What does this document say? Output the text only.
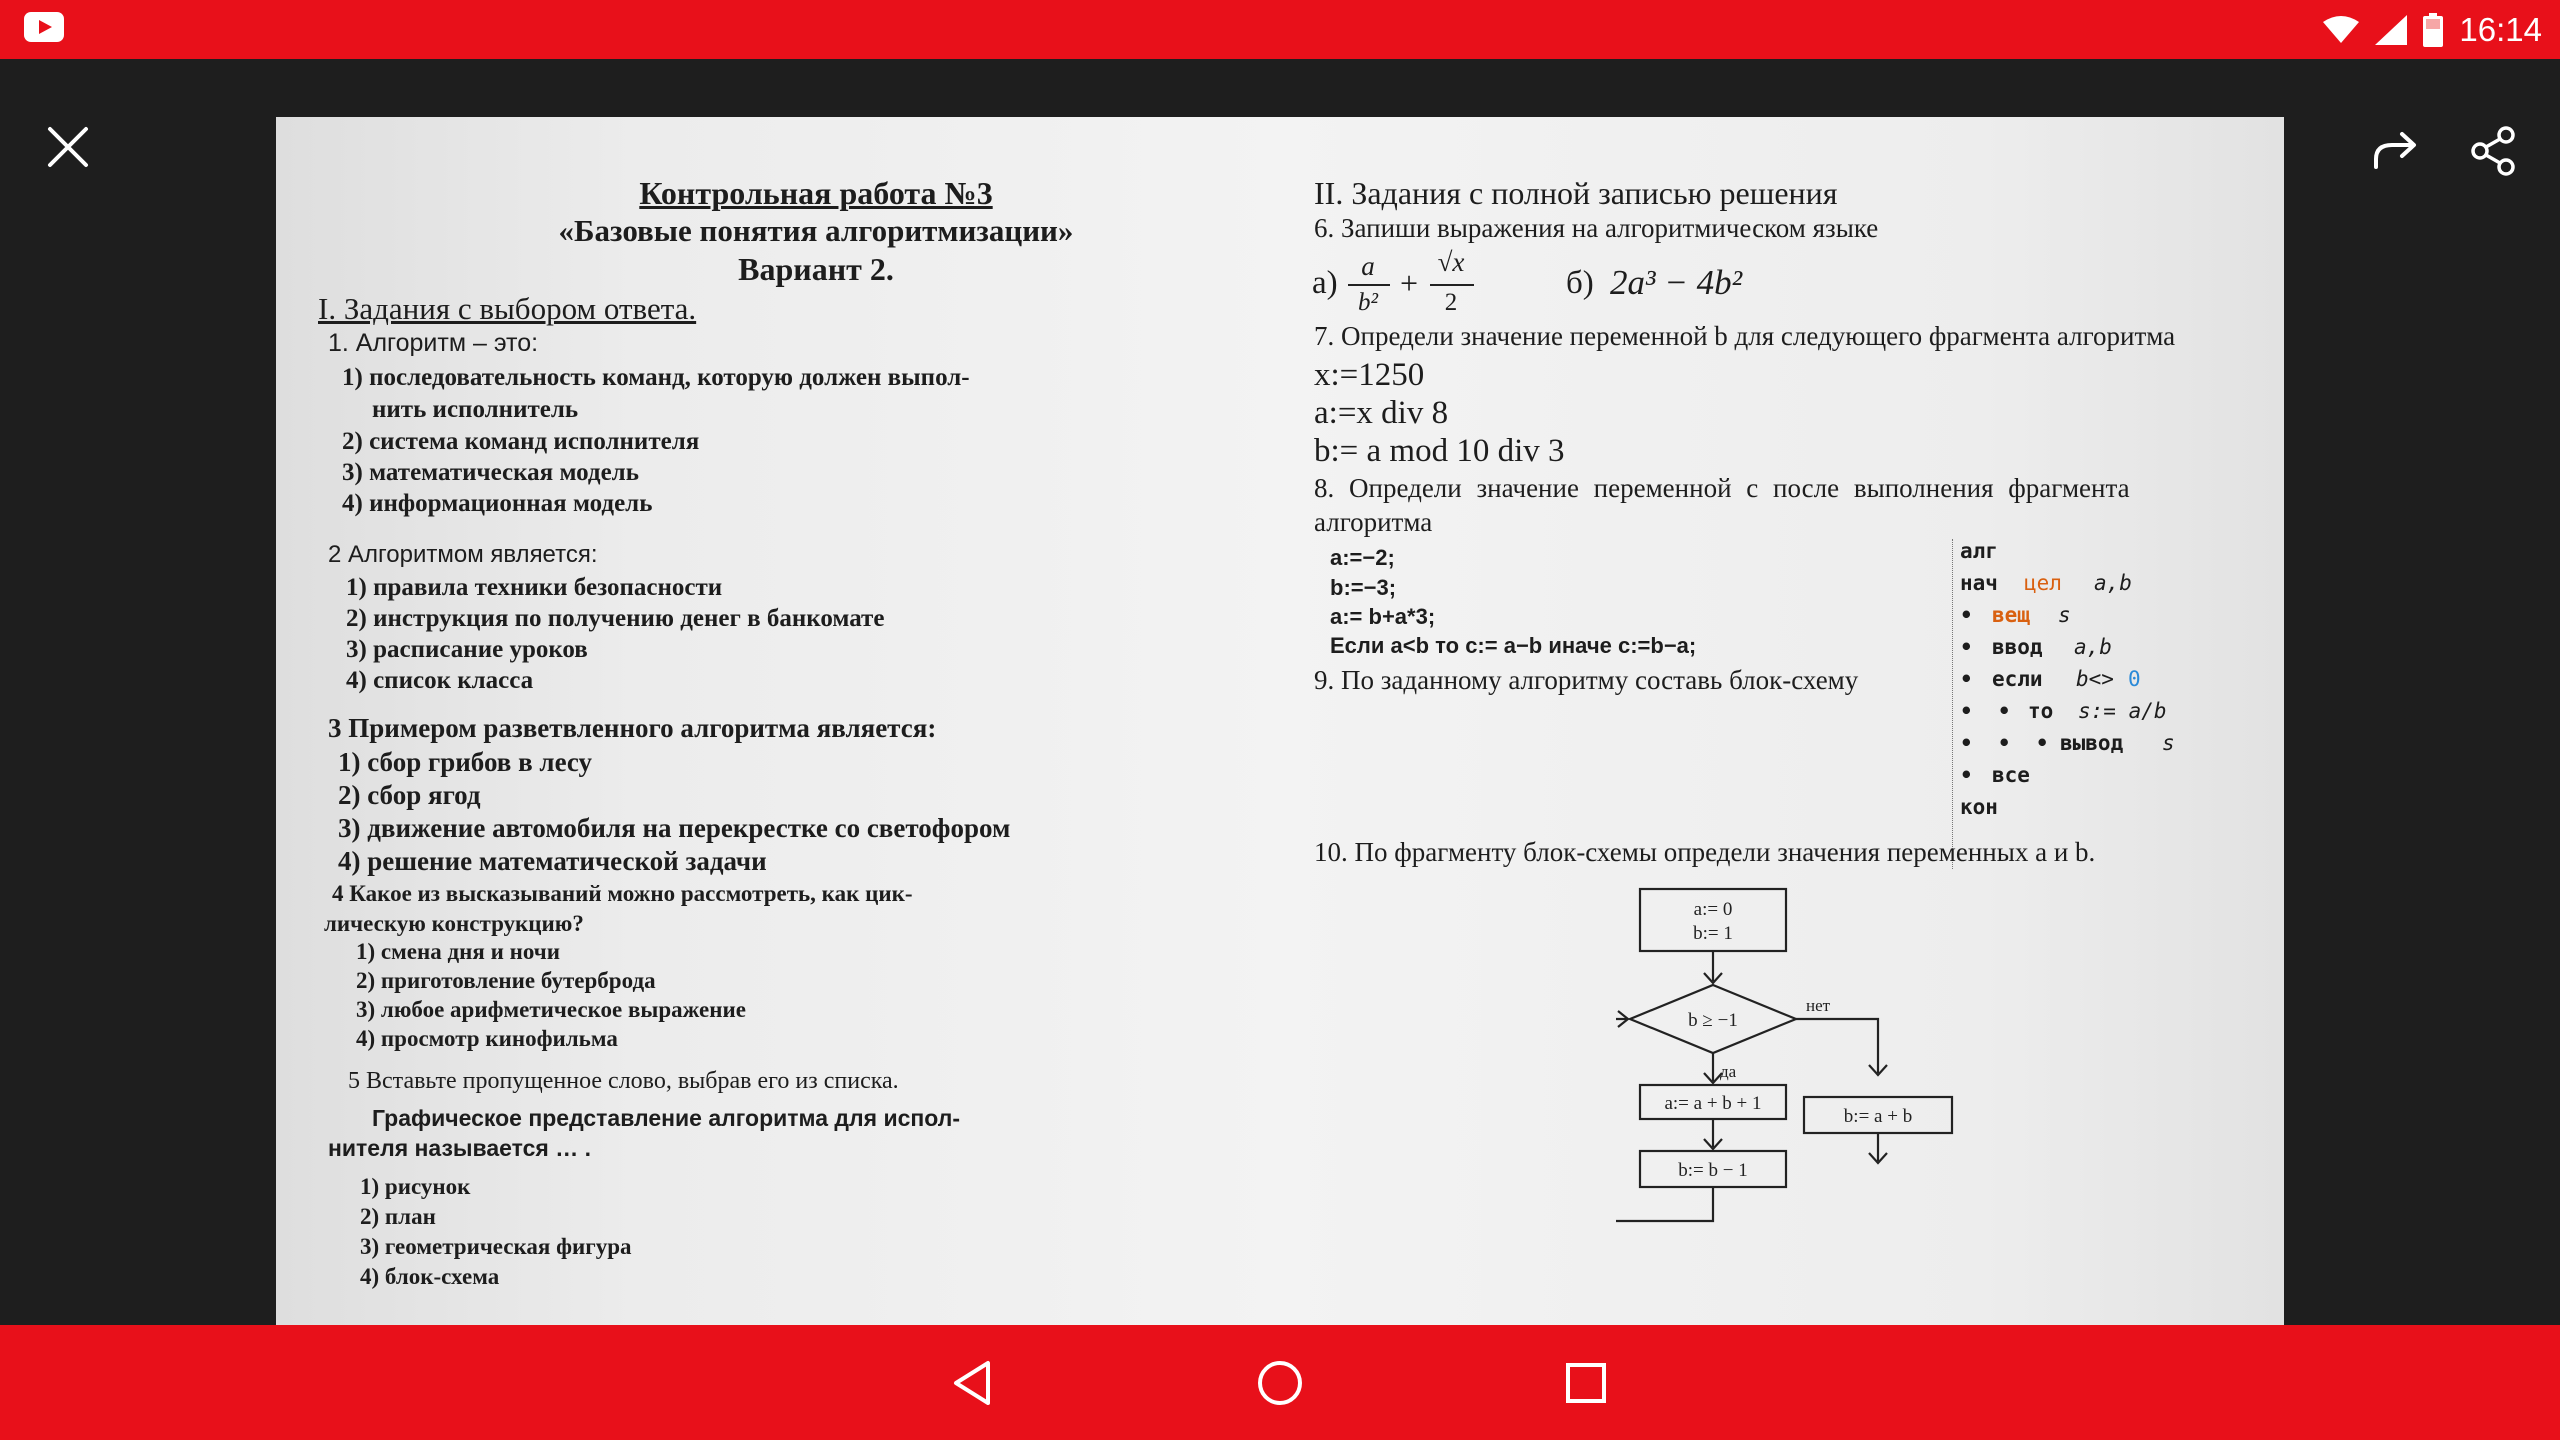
16:14
Контрольная работа №3
«Базовые понятия алгоритмизации»
Вариант 2.
I. Задания с выбором ответа.
1. Алгоритм – это:
1) последовательность команд, которую должен выпол-
нить исполнитель
2) система команд исполнителя
3) математическая модель
4) информационная модель
2 Алгоритмом является:
1) правила техники безопасности
2) инструкция по получению денег в банкомате
3) расписание уроков
4) список класса
3 Примером разветвленного алгоритма является:
1) сбор грибов в лесу
2) сбор ягод
3) движение автомобиля на перекрестке со светофором
4) решение математической задачи
4 Какое из высказываний можно рассмотреть, как цик-
лическую конструкцию?
1) смена дня и ночи
2) приготовление бутерброда
3) любое арифметическое выражение
4) просмотр кинофильма
5 Вставьте пропущенное слово, выбрав его из списка.
Графическое представление алгоритма для испол-
нителя называется … .
1) рисунок
2) план
3) геометрическая фигура
4) блок-схема
II. Задания с полной записью решения
6. Запиши выражения на алгоритмическом языке
а) a
b²
+
√x
2
б) 2a³ − 4b²
7. Определи значение переменной b для следующего фрагмента алгоритма
x:=1250
a:=x div 8
b:= a mod 10 div 3
8. Определи значение переменной с после выполнения фрагмента
алгоритма
a:=−2;
b:=−3;
a:= b+a*3;
Если a<b то c:= a−b иначе c:=b−a;
9. По заданному алгоритму составь блок-схему
алг
нач цел a,b
• вещ s
• ввод a,b
• если b<> 0
•  • то s:= a/b
•  •  • вывод s
• все
кон
10. По фрагменту блок-схемы определи значения переменных а и b.
a:= 0
b:= 1
b ≥ −1
нет
да
a:= a + b + 1
b:= b − 1
b:= a + b
